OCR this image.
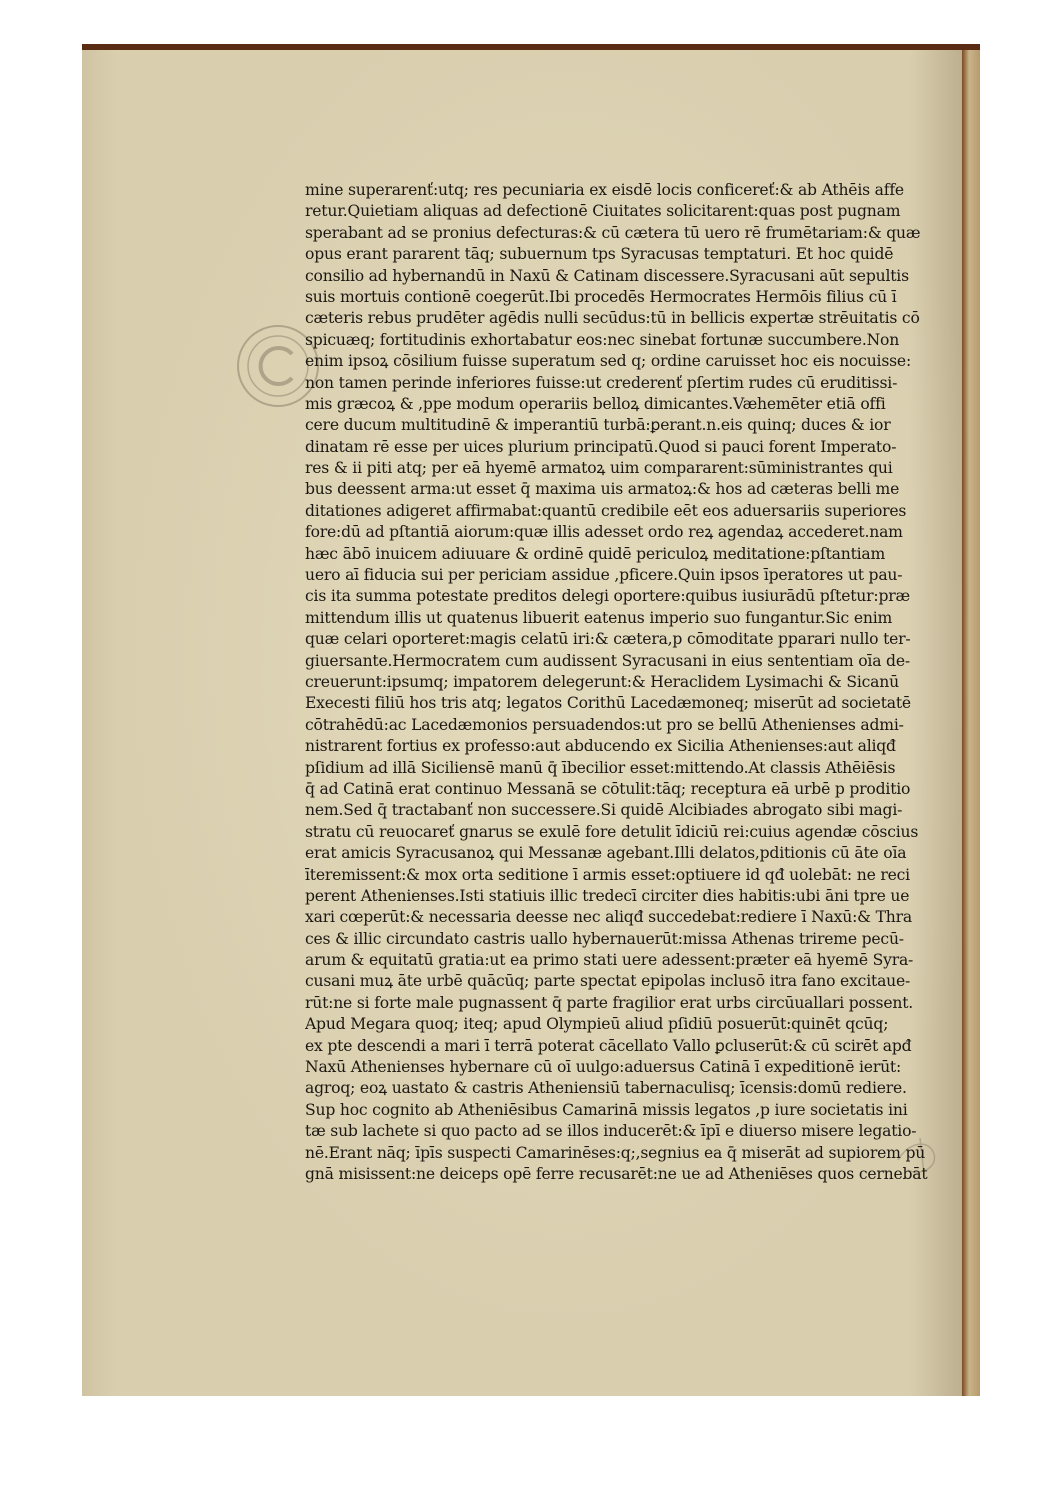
mine superarenť:utq; res pecuniaria ex eisdē locis conficereť:& ab Athēis affe
retur.Quietiam aliquas ad defectionē Ciuitates solicitarent:quas post pugnam
sperabant ad se pronius defecturas:& cū cætera tū uero rē frumētariam:& quæ
opus erant pararent tāq; subuernum tps Syracusas temptaturi. Et hoc quidē
consilio ad hybernandū in Naxū & Catinam discessere.Syracusani aūt sepultis
suis mortuis contionē coegerūt.Ibi procedēs Hermocrates Hermōis filius cū ī
cæteris rebus prudēter agēdis nulli secūdus:tū in bellicis expertæ strēuitatis cō
spicuæq; fortitudinis exhortabatur eos:nec sinebat fortunæ succumbere.Non
enim ipsoꝝ cōsilium fuisse superatum sed q; ordine caruisset hoc eis nocuisse:
non tamen perinde inferiores fuisse:ut crederenť pſertim rudes cū eruditissi-
mis græcoꝝ & ,ppe modum operariis belloꝝ dimicantes.Væhemēter etiā offi
cere ducum multitudinē & imperantiū turbā:ꝑerant.n.eis quinq; duces & ior
dinatam rē esse per uices plurium principatū.Quod si pauci forent Imperato-
res & ii piti atq; per eā hyemē armatoꝝ uim compararent:sūministrantes qui
bus deessent arma:ut esset q̄ maxima uis armatoꝝ:& hos ad cæteras belli me
ditationes adigeret affirmabat:quantū credibile eēt eos aduersariis superiores
fore:dū ad pſtantiā aiorum:quæ illis adesset ordo reꝝ agendaꝝ accederet.nam
hæc ābō inuicem adiuuare & ordinē quidē periculoꝝ meditatione:pſtantiam
uero aī fiducia sui per periciam assidue ,pficere.Quin ipsos īperatores ut pau-
cis ita summa potestate preditos delegi oportere:quibus iusiurādū pſtetur:præ
mittendum illis ut quatenus libuerit eatenus imperio suo fungantur.Sic enim
quæ celari oporteret:magis celatū iri:& cætera,p cōmoditate pparari nullo ter-
giuersante.Hermocratem cum audissent Syracusani in eius sententiam oīa de-
creuerunt:ipsumq; impatorem delegerunt:& Heraclidem Lysimachi & Sicanū
Execesti filiū hos tris atq; legatos Corithū Lacedæmoneq; miserūt ad societatē
cōtrahēdū:ac Lacedæmonios persuadendos:ut pro se bellū Athenienses admi-
nistrarent fortius ex professo:aut abducendo ex Sicilia Athenienses:aut aliqđ
pſidium ad illā Siciliensē manū q̄ ībecilior esset:mittendo.At classis Athēiēsis
q̄ ad Catinā erat continuo Messanā se cōtulit:tāq; receptura eā urbē p proditio
nem.Sed q̄ tractabanť non successere.Si quidē Alcibiades abrogato sibi magi-
stratu cū reuocareť gnarus se exulē fore detulit īdiciū rei:cuius agendæ cōscius
erat amicis Syracusanoꝝ qui Messanæ agebant.Illi delatos,pditionis cū āte oīa
īteremissent:& mox orta seditione ī armis esset:optiuere id qđ uolebāt: ne reci
perent Athenienses.Isti statiuis illic tredecī circiter dies habitis:ubi āni tpre ue
xari cœperūt:& necessaria deesse nec aliqđ succedebat:rediere ī Naxū:& Thra
ces & illic circundato castris uallo hybernauerūt:missa Athenas trireme pecū-
arum & equitatū gratia:ut ea primo stati uere adessent:præter eā hyemē Syra-
cusani muꝝ āte urbē quācūq; parte spectat epipolas inclusō itra fano excitaue-
rūt:ne si forte male pugnassent q̄ parte fragilior erat urbs circūuallari possent.
Apud Megara quoq; iteq; apud Olympieū aliud pſidiū posuerūt:quinēt qcūq;
ex pte descendi a mari ī terrā poterat cācellato Vallo ꝑcluserūt:& cū scirēt apđ
Naxū Athenienses hybernare cū oī uulgo:aduersus Catinā ī expeditionē ierūt:
agroq; eoꝝ uastato & castris Atheniensiū tabernaculisq; īcensis:domū rediere.
Sup hoc cognito ab Atheniēsibus Camarinā missis legatos ,p iure societatis ini
tæ sub lachete si quo pacto ad se illos inducerēt:& īpī e diuerso misere legatio-
nē.Erant nāq; īpīs suspecti Camarinēses:q;,segnius ea q̄ miserāt ad supiorem pū
gnā misissent:ne deiceps opē ferre recusarēt:ne ue ad Atheniēses quos cernebāt
